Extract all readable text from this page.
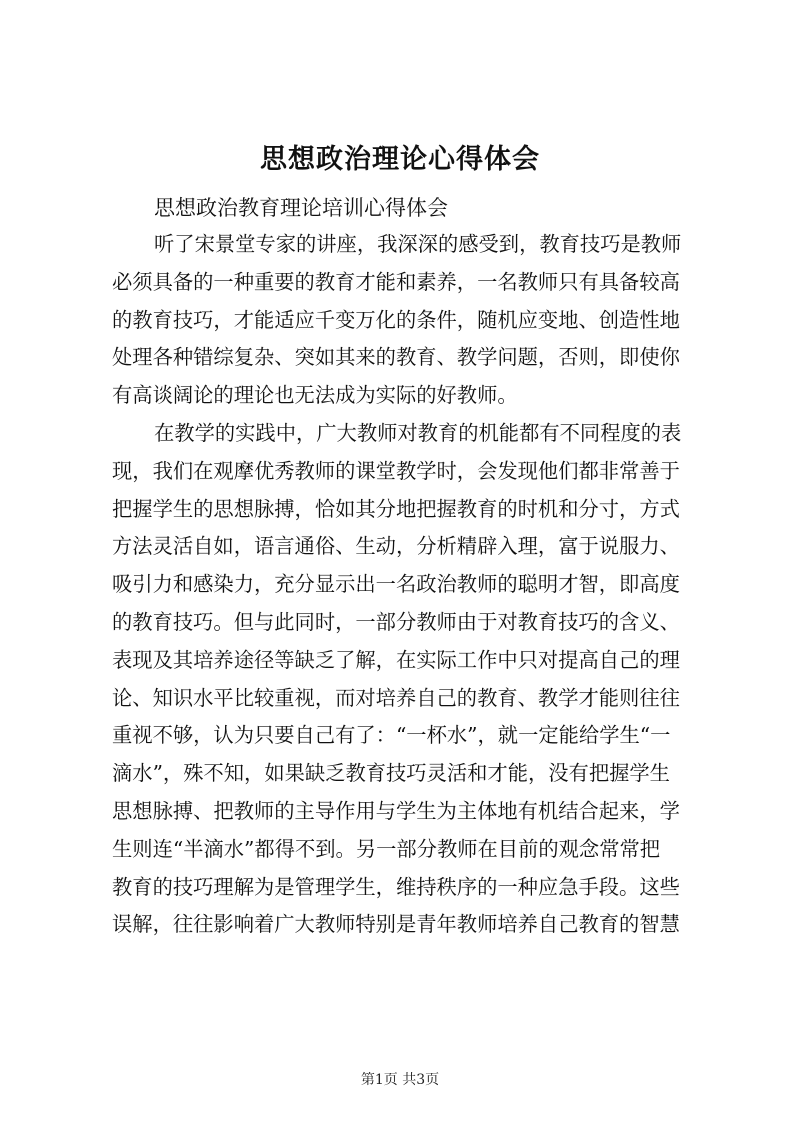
思想政治理论心得体会
思想政治教育理论培训心得体会
听了宋景堂专家的讲座，我深深的感受到，教育技巧是教师
必须具备的一种重要的教育才能和素养，一名教师只有具备较高
的教育技巧，才能适应千变万化的条件，随机应变地、创造性地
处理各种错综复杂、突如其来的教育、教学问题，否则，即使你
有高谈阔论的理论也无法成为实际的好教师。
在教学的实践中，广大教师对教育的机能都有不同程度的表
现，我们在观摩优秀教师的课堂教学时，会发现他们都非常善于
把握学生的思想脉搏，恰如其分地把握教育的时机和分寸，方式
方法灵活自如，语言通俗、生动，分析精辟入理，富于说服力、
吸引力和感染力，充分显示出一名政治教师的聪明才智，即高度
的教育技巧。但与此同时，一部分教师由于对教育技巧的含义、
表现及其培养途径等缺乏了解，在实际工作中只对提高自己的理
论、知识水平比较重视，而对培养自己的教育、教学才能则往往
重视不够，认为只要自己有了：“一杯水”，就一定能给学生“一
滴水”，殊不知，如果缺乏教育技巧灵活和才能，没有把握学生
思想脉搏、把教师的主导作用与学生为主体地有机结合起来，学
生则连“半滴水”都得不到。另一部分教师在目前的观念常常把
教育的技巧理解为是管理学生，维持秩序的一种应急手段。这些
误解，往往影响着广大教师特别是青年教师培养自己教育的智慧
第1页 共3页
